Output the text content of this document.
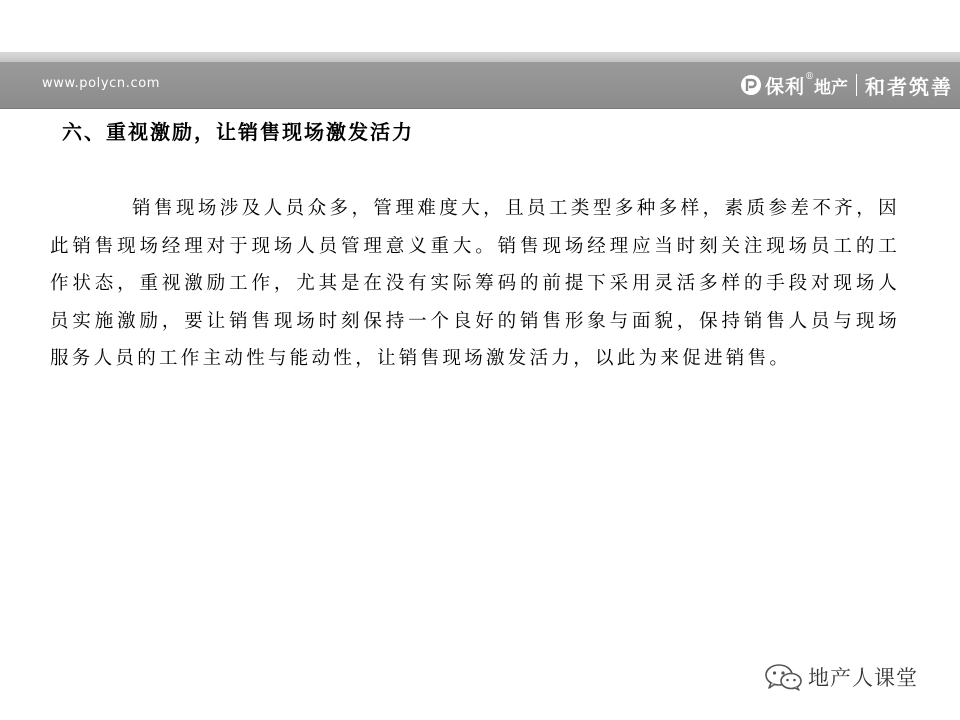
www.polycn.com	保利 ®
地产 和者筑善
六、重视激励，让销售现场激发活力

销售现场涉及人员众多，管理难度大，且员工类型多种多样，素质参差不齐，因此销售现场经理对于现场人员管理意义重大。销售现场经理应当时刻关注现场员工的工作状态，重视激励工作，尤其是在没有实际筹码的前提下采用灵活多样的手段对现场人员实施激励，要让销售现场时刻保持一个良好的销售形象与面貌，保持销售人员与现场服务人员的工作主动性与能动性，让销售现场激发活力，以此为来促进销售。

地产人课堂
